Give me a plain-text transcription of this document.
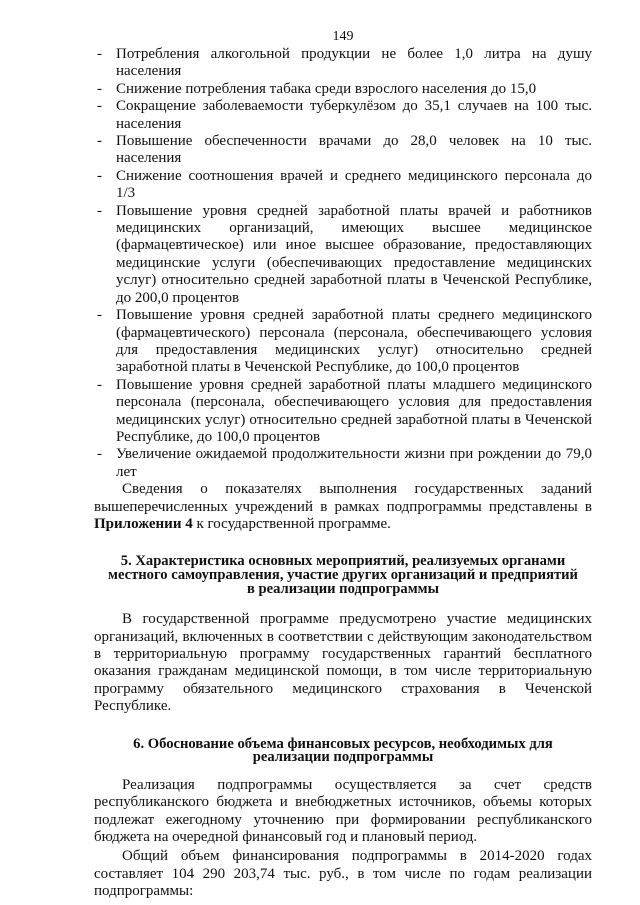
149
- Потребления алкогольной продукции не более 1,0 литра на душу населения
- Снижение потребления табака среди взрослого населения до 15,0
- Сокращение заболеваемости туберкулёзом до 35,1 случаев на 100 тыс. населения
- Повышение обеспеченности врачами до 28,0 человек на 10 тыс. населения
- Снижение соотношения врачей и среднего медицинского персонала до 1/3
- Повышение уровня средней заработной платы врачей и работников медицинских организаций, имеющих высшее медицинское (фармацевтическое) или иное высшее образование, предоставляющих медицинские услуги (обеспечивающих предоставление медицинских услуг) относительно средней заработной платы в Чеченской Республике, до 200,0 процентов
- Повышение уровня средней заработной платы среднего медицинского (фармацевтического) персонала (персонала, обеспечивающего условия для предоставления медицинских услуг) относительно средней заработной платы в Чеченской Республике, до 100,0 процентов
- Повышение уровня средней заработной платы младшего медицинского персонала (персонала, обеспечивающего условия для предоставления медицинских услуг) относительно средней заработной платы в Чеченской Республике, до 100,0 процентов
- Увеличение ожидаемой продолжительности жизни при рождении до 79,0 лет

Сведения о показателях выполнения государственных заданий вышеперечисленных учреждений в рамках подпрограммы представлены в Приложении 4 к государственной программе.

5. Характеристика основных мероприятий, реализуемых органами
местного самоуправления, участие других организаций и предприятий
в реализации подпрограммы

В государственной программе предусмотрено участие медицинских организаций, включенных в соответствии с действующим законодательством в территориальную программу государственных гарантий бесплатного оказания гражданам медицинской помощи, в том числе территориальную программу обязательного медицинского страхования в Чеченской Республике.

6. Обоснование объема финансовых ресурсов, необходимых для
реализации подпрограммы

Реализация подпрограммы осуществляется за счет средств республиканского бюджета и внебюджетных источников, объемы которых подлежат ежегодному уточнению при формировании республиканского бюджета на очередной финансовый год и плановый период.

Общий объем финансирования подпрограммы в 2014-2020 годах составляет 104 290 203,74 тыс. руб., в том числе по годам реализации подпрограммы:
